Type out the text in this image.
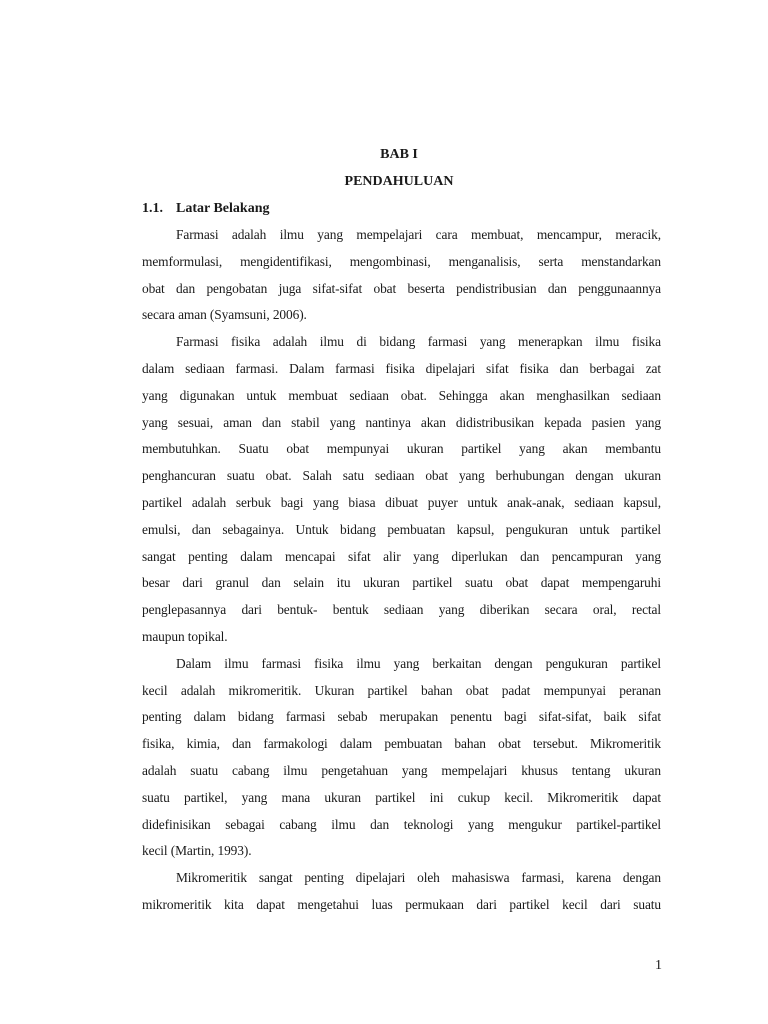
BAB I
PENDAHULUAN
1.1. Latar Belakang
Farmasi adalah ilmu yang mempelajari cara membuat, mencampur, meracik,
memformulasi, mengidentifikasi, mengombinasi, menganalisis, serta menstandarkan
obat dan pengobatan juga sifat-sifat obat beserta pendistribusian dan penggunaannya
secara aman (Syamsuni, 2006).
Farmasi fisika adalah ilmu di bidang farmasi yang menerapkan ilmu fisika
dalam sediaan farmasi. Dalam farmasi fisika dipelajari sifat fisika dan berbagai zat
yang digunakan untuk membuat sediaan obat. Sehingga akan menghasilkan sediaan
yang sesuai, aman dan stabil yang nantinya akan didistribusikan kepada pasien yang
membutuhkan. Suatu obat mempunyai ukuran partikel yang akan membantu
penghancuran suatu obat. Salah satu sediaan obat yang berhubungan dengan ukuran
partikel adalah serbuk bagi yang biasa dibuat puyer untuk anak-anak, sediaan kapsul,
emulsi, dan sebagainya. Untuk bidang pembuatan kapsul, pengukuran untuk partikel
sangat penting dalam mencapai sifat alir yang diperlukan dan pencampuran yang
besar dari granul dan selain itu ukuran partikel suatu obat dapat mempengaruhi
penglepasannya dari bentuk- bentuk sediaan yang diberikan secara oral, rectal
maupun topikal.
Dalam ilmu farmasi fisika ilmu yang berkaitan dengan pengukuran partikel
kecil adalah mikromeritik. Ukuran partikel bahan obat padat mempunyai peranan
penting dalam bidang farmasi sebab merupakan penentu bagi sifat-sifat, baik sifat
fisika, kimia, dan farmakologi dalam pembuatan bahan obat tersebut. Mikromeritik
adalah suatu cabang ilmu pengetahuan yang mempelajari khusus tentang ukuran
suatu partikel, yang mana ukuran partikel ini cukup kecil. Mikromeritik dapat
didefinisikan sebagai cabang ilmu dan teknologi yang mengukur partikel-partikel
kecil (Martin, 1993).
Mikromeritik sangat penting dipelajari oleh mahasiswa farmasi, karena dengan
mikromeritik kita dapat mengetahui luas permukaan dari partikel kecil dari suatu
1
